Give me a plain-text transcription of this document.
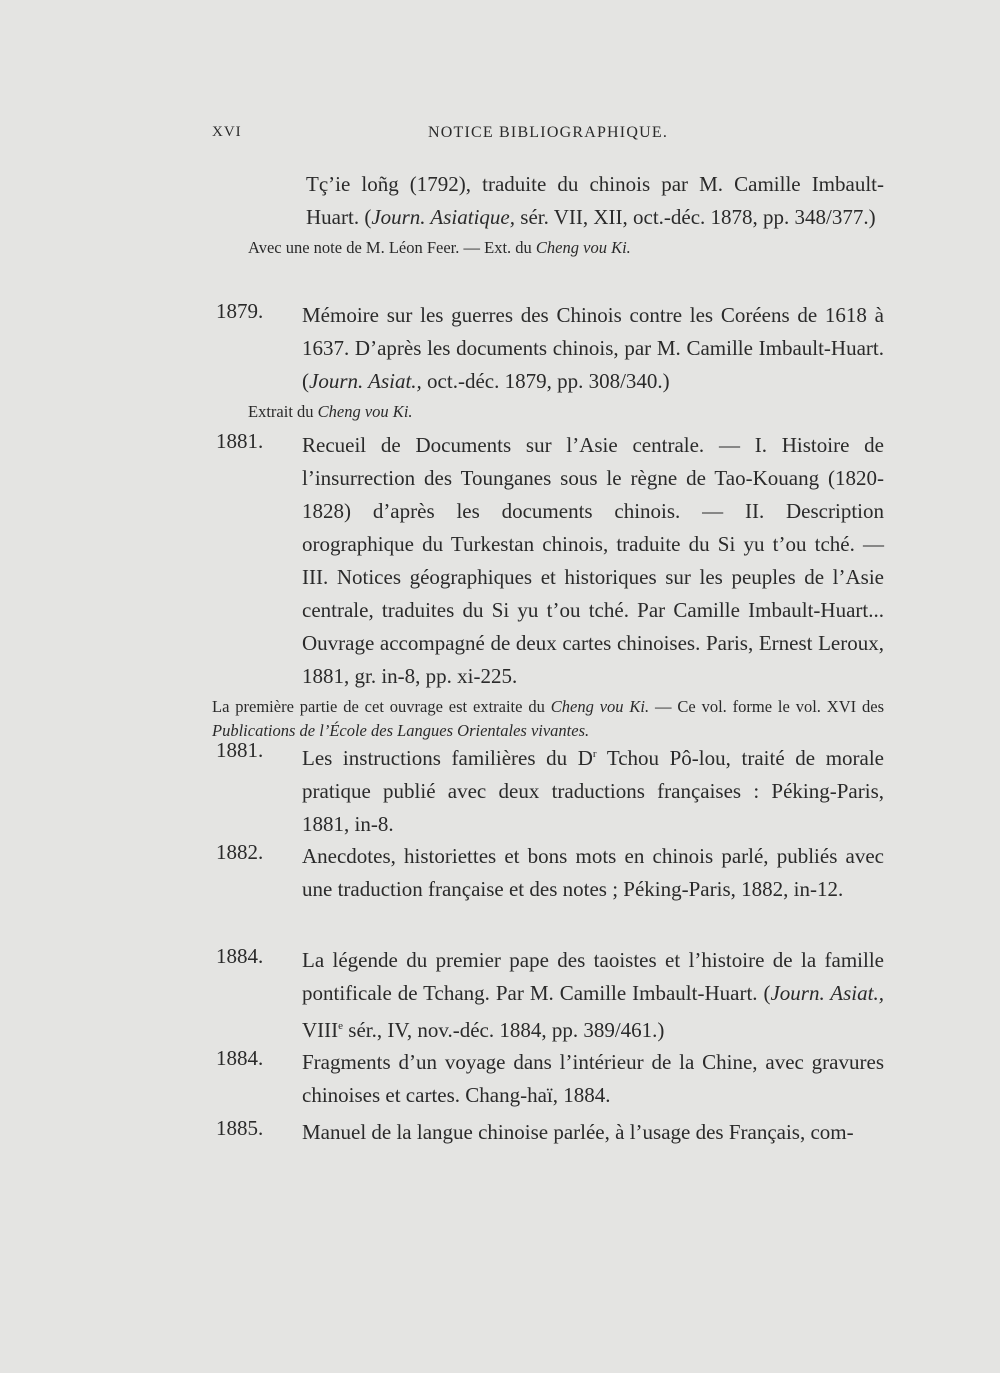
XVI	NOTICE BIBLIOGRAPHIQUE.
Tç’ie loñg (1792), traduite du chinois par M. Camille Imbault-Huart. (Journ. Asiatique, sér. VII, XII, oct.-déc. 1878, pp. 348/377.)
Avec une note de M. Léon Feer. — Ext. du Cheng vou Ki.
1879. Mémoire sur les guerres des Chinois contre les Coréens de 1618 à 1637. D’après les documents chinois, par M. Camille Imbault-Huart. (Journ. Asiat., oct.-déc. 1879, pp. 308/340.)
Extrait du Cheng vou Ki.
1881. Recueil de Documents sur l’Asie centrale. — I. Histoire de l’insurrection des Tounganes sous le règne de Tao-Kouang (1820-1828) d’après les documents chinois. — II. Description orographique du Turkestan chinois, traduite du Si yu t’ou tché. — III. Notices géographiques et historiques sur les peuples de l’Asie centrale, traduites du Si yu t’ou tché. Par Camille Imbault-Huart... Ouvrage accompagné de deux cartes chinoises. Paris, Ernest Leroux, 1881, gr. in-8, pp. xi-225.
La première partie de cet ouvrage est extraite du Cheng vou Ki. — Ce vol. forme le vol. XVI des Publications de l’École des Langues Orientales vivantes.
1881. Les instructions familières du $D^r$ Tchou Pô-lou, traité de morale pratique publié avec deux traductions françaises : Péking-Paris, 1881, in-8.
1882. Anecdotes, historiettes et bons mots en chinois parlé, publiés avec une traduction française et des notes ; Péking-Paris, 1882, in-12.
1884. La légende du premier pape des taoistes et l’histoire de la famille pontificale de Tchang. Par M. Camille Imbault-Huart. (Journ. Asiat., VIIIe sér., IV, nov.-déc. 1884, pp. 389/461.)
1884. Fragments d’un voyage dans l’intérieur de la Chine, avec gravures chinoises et cartes. Chang-haï, 1884.
1885. Manuel de la langue chinoise parlée, à l’usage des Français, com-
